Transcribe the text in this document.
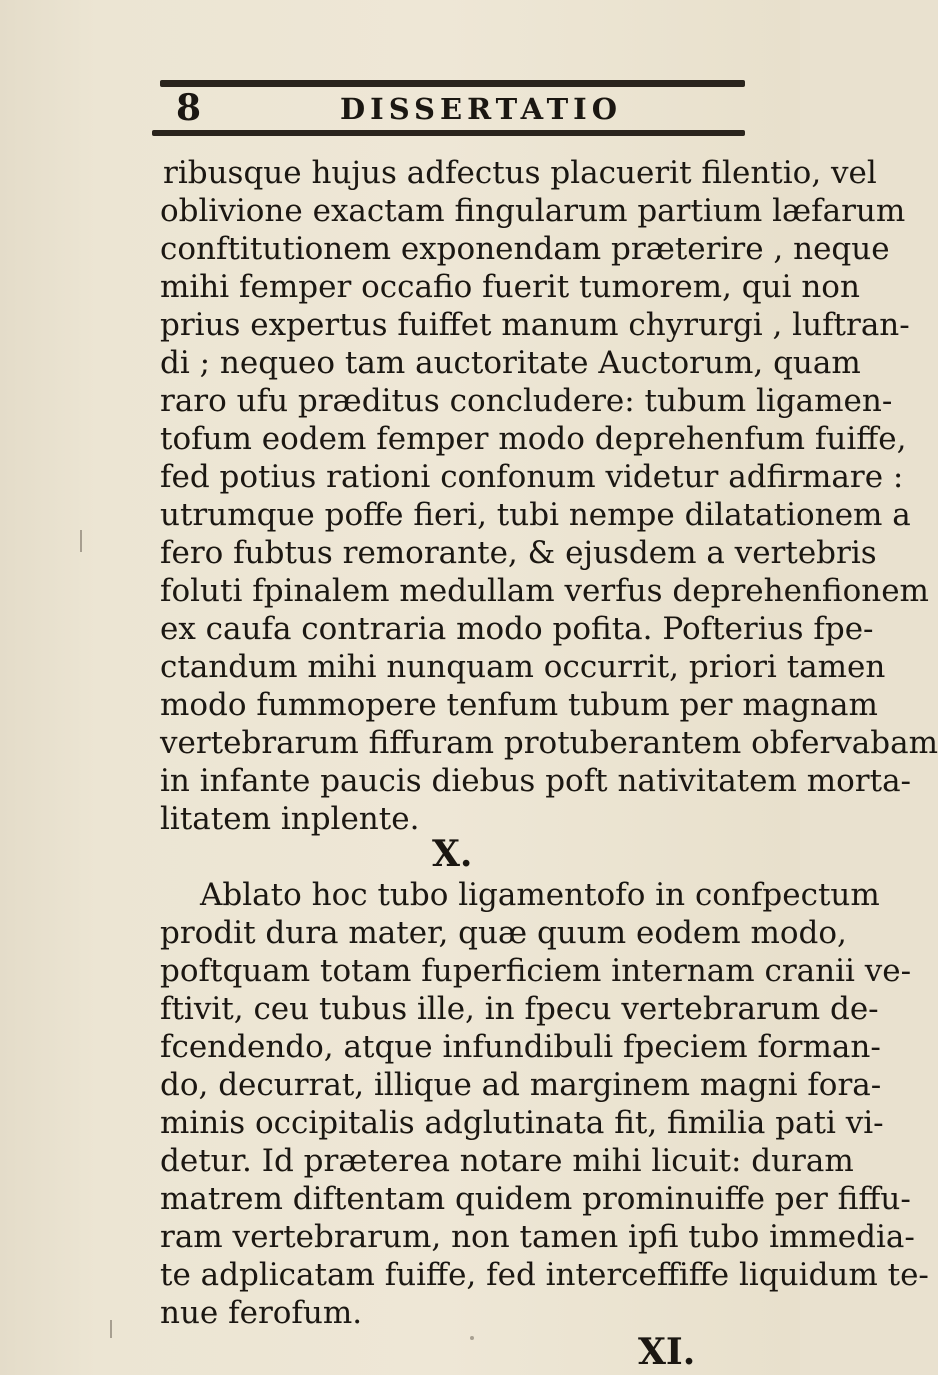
8	DISSERTATIO
ribusque hujus adfectus placuerit filentio, vel
oblivione exactam fingularum partium læfarum
conftitutionem exponendam præterire , neque
mihi femper occafio fuerit tumorem, qui non
prius expertus fuiffet manum chyrurgi , luftran-
di ; nequeo tam auctoritate Auctorum, quam
raro ufu præditus concludere: tubum ligamen-
tofum eodem femper modo deprehenfum fuiffe,
fed potius rationi confonum videtur adfirmare :
utrumque poffe fieri, tubi nempe dilatationem a
fero fubtus remorante, & ejusdem a vertebris
foluti fpinalem medullam verfus deprehenfionem
ex caufa contraria modo pofita. Pofterius fpe-
ctandum mihi nunquam occurrit, priori tamen
modo fummopere tenfum tubum per magnam
vertebrarum fiffuram protuberantem obfervabam
in infante paucis diebus poft nativitatem morta-
litatem inplente.
X.
Ablato hoc tubo ligamentofo in confpectum
prodit dura mater, quæ quum eodem modo,
poftquam totam fuperficiem internam cranii ve-
ftivit, ceu tubus ille, in fpecu vertebrarum de-
fcendendo, atque infundibuli fpeciem forman-
do, decurrat, illique ad marginem magni fora-
minis occipitalis adglutinata fit, fimilia pati vi-
detur. Id præterea notare mihi licuit: duram
matrem diftentam quidem prominuiffe per fiffu-
ram vertebrarum, non tamen ipfi tubo immedia-
te adplicatam fuiffe, fed interceffiffe liquidum te-
nue ferofum.
XI.
